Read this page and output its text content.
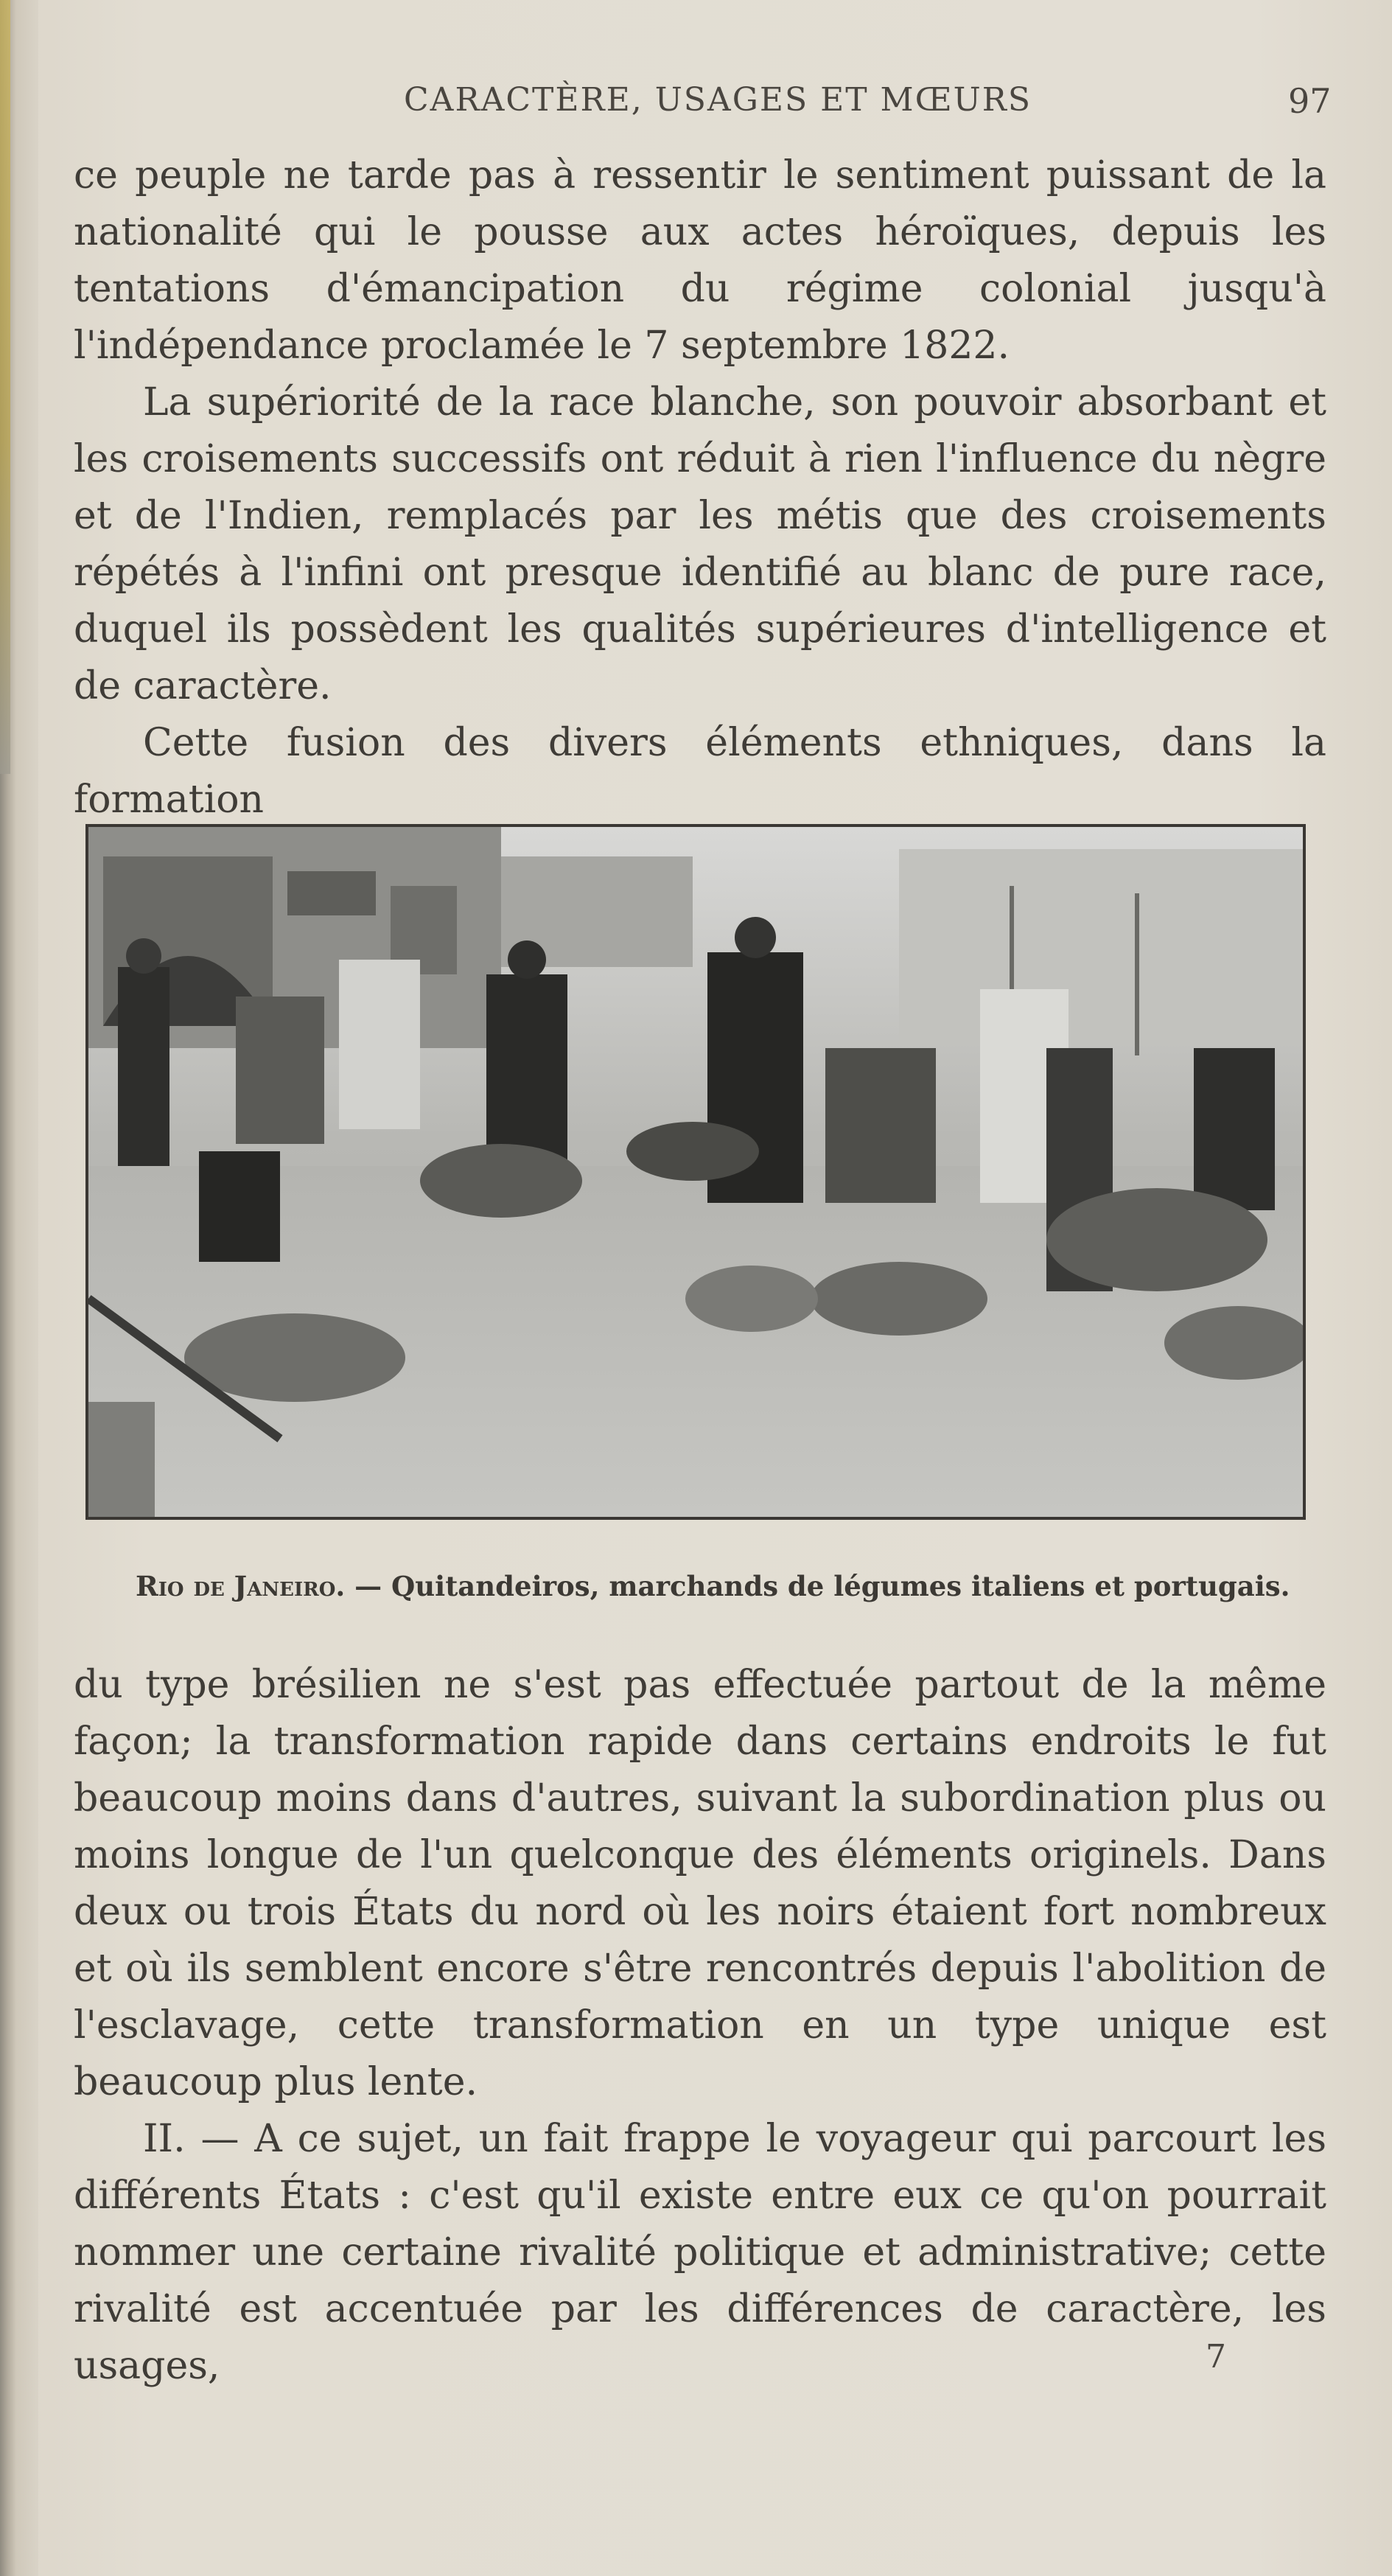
CARACTÈRE, USAGES ET MŒURS	97

ce peuple ne tarde pas à ressentir le sentiment puissant de la nationalité qui le pousse aux actes héroïques, depuis les tentations d'émancipation du régime colonial jusqu'à l'indépendance proclamée le 7 septembre 1822.

La supériorité de la race blanche, son pouvoir absorbant et les croisements successifs ont réduit à rien l'influence du nègre et de l'Indien, remplacés par les métis que des croisements répétés à l'infini ont presque identifié au blanc de pure race, duquel ils possèdent les qualités supérieures d'intelligence et de caractère.

Cette fusion des divers éléments ethniques, dans la formation

Rio de Janeiro. — Quitandeiros, marchands de légumes italiens et portugais.

du type brésilien ne s'est pas effectuée partout de la même façon; la transformation rapide dans certains endroits le fut beaucoup moins dans d'autres, suivant la subordination plus ou moins longue de l'un quelconque des éléments originels. Dans deux ou trois États du nord où les noirs étaient fort nombreux et où ils semblent encore s'être rencontrés depuis l'abolition de l'esclavage, cette transformation en un type unique est beaucoup plus lente.

II. — A ce sujet, un fait frappe le voyageur qui parcourt les différents États : c'est qu'il existe entre eux ce qu'on pourrait nommer une certaine rivalité politique et administrative; cette rivalité est accentuée par les différences de caractère, les usages,	7
